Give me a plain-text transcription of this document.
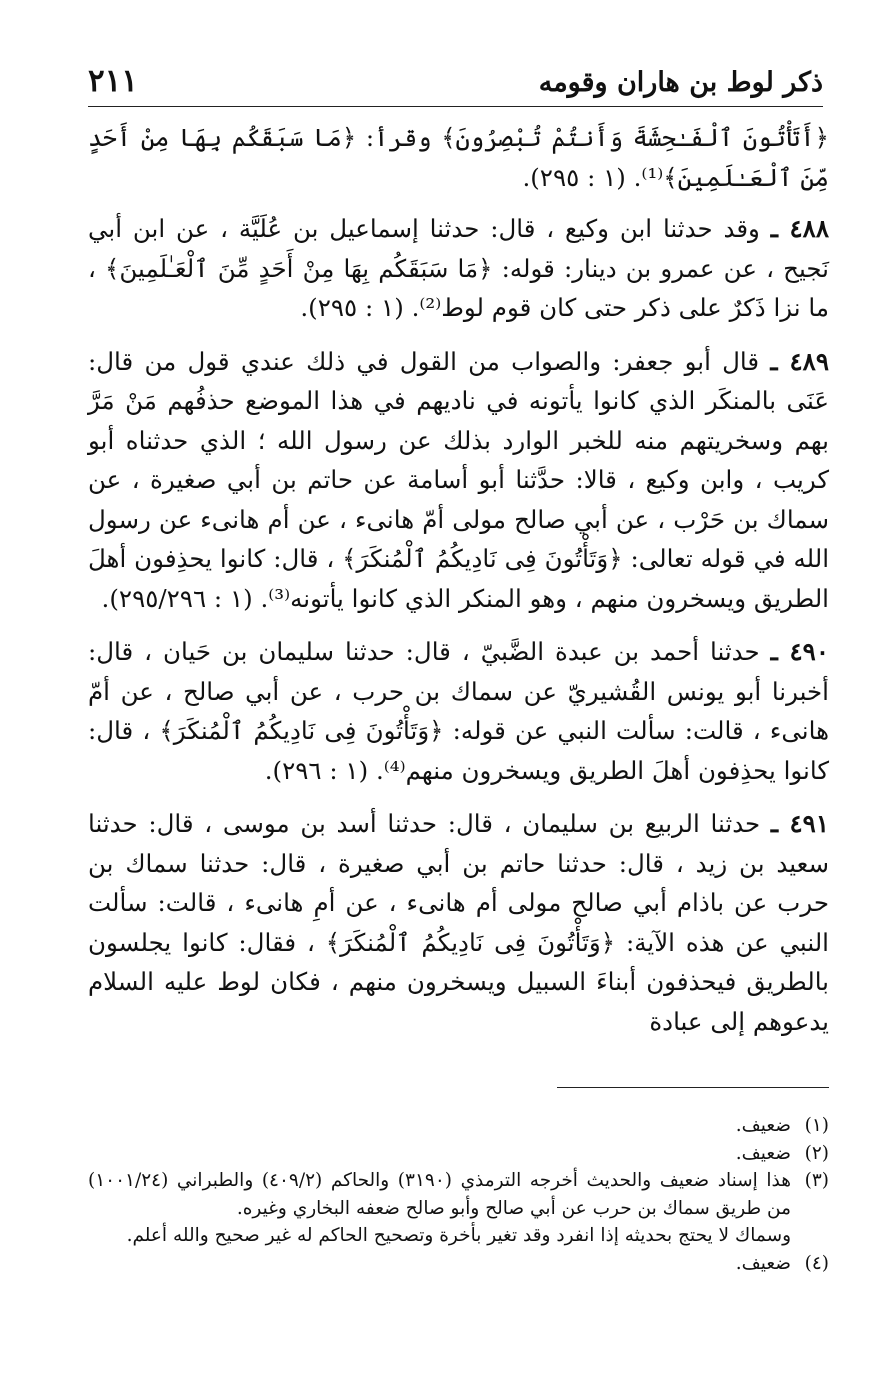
ذكر لوط بن هاران وقومه
٢١١

﴿أَتَأْتُونَ ٱلْفَـٰحِشَةَ وَأَنتُمْ تُبْصِرُونَ﴾ وقرأ: ﴿مَا سَبَقَكُم بِهَا مِنْ أَحَدٍ مِّنَ ٱلْعَـٰلَمِينَ﴾⁽¹⁾. (١ : ٢٩٥).

٤٨٨ ـ وقد حدثنا ابن وكيع ، قال: حدثنا إسماعيل بن عُلَيَّة ، عن ابن أبي نَجيح ، عن عمرو بن دينار: قوله: ﴿مَا سَبَقَكُم بِهَا مِنْ أَحَدٍ مِّنَ ٱلْعَـٰلَمِينَ﴾ ، ما نزا ذَكرٌ على ذكر حتى كان قوم لوط⁽²⁾. (١ : ٢٩٥).

٤٨٩ ـ قال أبو جعفر: والصواب من القول في ذلك عندي قول من قال: عَنَى بالمنكَر الذي كانوا يأتونه في ناديهم في هذا الموضع حذفُهم مَنْ مَرَّ بهم وسخريتهم منه للخبر الوارد بذلك عن رسول الله ؛ الذي حدثناه أبو كريب ، وابن وكيع ، قالا: حدَّثنا أبو أسامة عن حاتم بن أبي صغيرة ، عن سماك بن حَرْب ، عن أبي صالح مولى أمّ هانىء ، عن أم هانىء عن رسول الله في قوله تعالى: ﴿وَتَأْتُونَ فِى نَادِيكُمُ ٱلْمُنكَرَ﴾ ، قال: كانوا يحذِفون أهلَ الطريق ويسخرون منهم ، وهو المنكر الذي كانوا يأتونه⁽³⁾. (١ : ٢٩٥/٢٩٦).

٤٩٠ ـ حدثنا أحمد بن عبدة الضَّبيّ ، قال: حدثنا سليمان بن حَيان ، قال: أخبرنا أبو يونس القُشيريّ عن سماك بن حرب ، عن أبي صالح ، عن أمّ هانىء ، قالت: سألت النبي عن قوله: ﴿وَتَأْتُونَ فِى نَادِيكُمُ ٱلْمُنكَرَ﴾ ، قال: كانوا يحذِفون أهلَ الطريق ويسخرون منهم⁽⁴⁾. (١ : ٢٩٦).

٤٩١ ـ حدثنا الربيع بن سليمان ، قال: حدثنا أسد بن موسى ، قال: حدثنا سعيد بن زيد ، قال: حدثنا حاتم بن أبي صغيرة ، قال: حدثنا سماك بن حرب عن باذام أبي صالح مولى أم هانىء ، عن أمِ هانىء ، قالت: سألت النبي عن هذه الآية: ﴿وَتَأْتُونَ فِى نَادِيكُمُ ٱلْمُنكَرَ﴾ ، فقال: كانوا يجلسون بالطريق فيحذفون أبناءَ السبيل ويسخرون منهم ، فكان لوط عليه السلام يدعوهم إلى عبادة

(١)
ضعيف.
(٢)
ضعيف.
(٣)
هذا إسناد ضعيف والحديث أخرجه الترمذي (٣١٩٠) والحاكم (٤٠٩/٢) والطبراني (١٠٠١/٢٤) من طريق سماك بن حرب عن أبي صالح وأبو صالح ضعفه البخاري وغيره.
وسماك لا يحتج بحديثه إذا انفرد وقد تغير بأخرة وتصحيح الحاكم له غير صحيح والله أعلم.
(٤)
ضعيف.
